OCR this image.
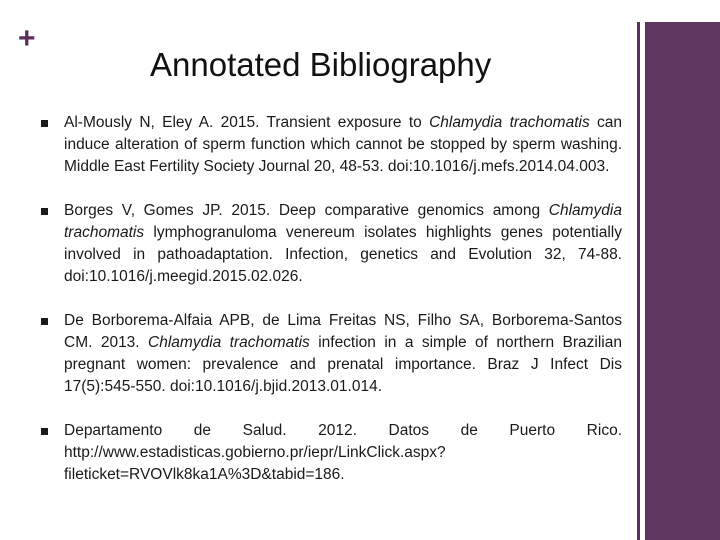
+
Annotated Bibliography
Al-Mously N, Eley A. 2015. Transient exposure to Chlamydia trachomatis can induce alteration of sperm function which cannot be stopped by sperm washing. Middle East Fertility Society Journal 20, 48-53. doi:10.1016/j.mefs.2014.04.003.
Borges V, Gomes JP. 2015. Deep comparative genomics among Chlamydia trachomatis lymphogranuloma venereum isolates highlights genes potentially involved in pathoadaptation. Infection, genetics and Evolution 32, 74-88. doi:10.1016/j.meegid.2015.02.026.
De Borborema-Alfaia APB, de Lima Freitas NS, Filho SA, Borborema-Santos CM. 2013. Chlamydia trachomatis infection in a simple of northern Brazilian pregnant women: prevalence and prenatal importance. Braz J Infect Dis 17(5):545-550. doi:10.1016/j.bjid.2013.01.014.
Departamento de Salud. 2012. Datos de Puerto Rico. http://www.estadisticas.gobierno.pr/iepr/LinkClick.aspx?fileticket=RVOVlk8ka1A%3D&tabid=186.
